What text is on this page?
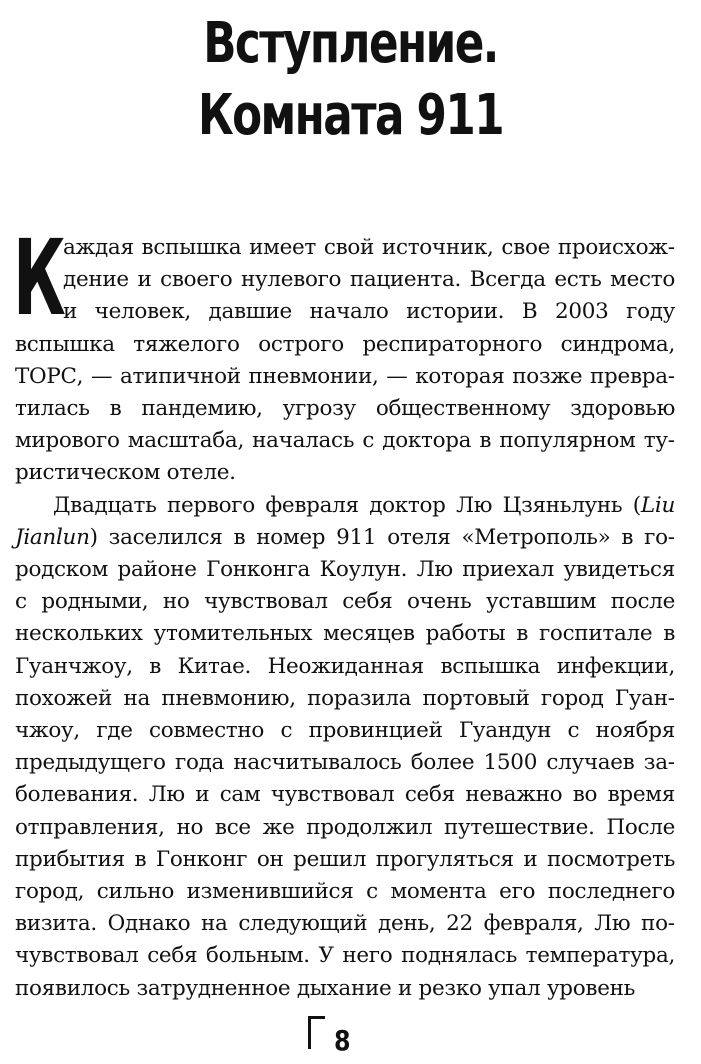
Вступление.
Комната 911

К
аждая вспышка имеет свой источник, свое происхождение и своего нулевого пациента. Всегда есть место и человек, давшие начало истории. В 2003 году вспышка тяжелого острого респираторного синдрома, ТОРС, — атипичной пневмонии, — которая позже превратилась в пандемию, угрозу общественному здоровью мирового масштаба, началась с доктора в популярном туристическом отеле.

Двадцать первого февраля доктор Лю Цзяньлунь (Liu Jianlun) заселился в номер 911 отеля «Метрополь» в городском районе Гонконга Коулун. Лю приехал увидеться с родными, но чувствовал себя очень уставшим после нескольких утомительных месяцев работы в госпитале в Гуанчжоу, в Китае. Неожиданная вспышка инфекции, похожей на пневмонию, поразила портовый город Гуанчжоу, где совместно с провинцией Гуандун с ноября предыдущего года насчитывалось более 1500 случаев заболевания. Лю и сам чувствовал себя неважно во время отправления, но все же продолжил путешествие. После прибытия в Гонконг он решил прогуляться и посмотреть город, сильно изменившийся с момента его последнего визита. Однако на следующий день, 22 февраля, Лю почувствовал себя больным. У него поднялась температура, появилось затрудненное дыхание и резко упал уровень

8
